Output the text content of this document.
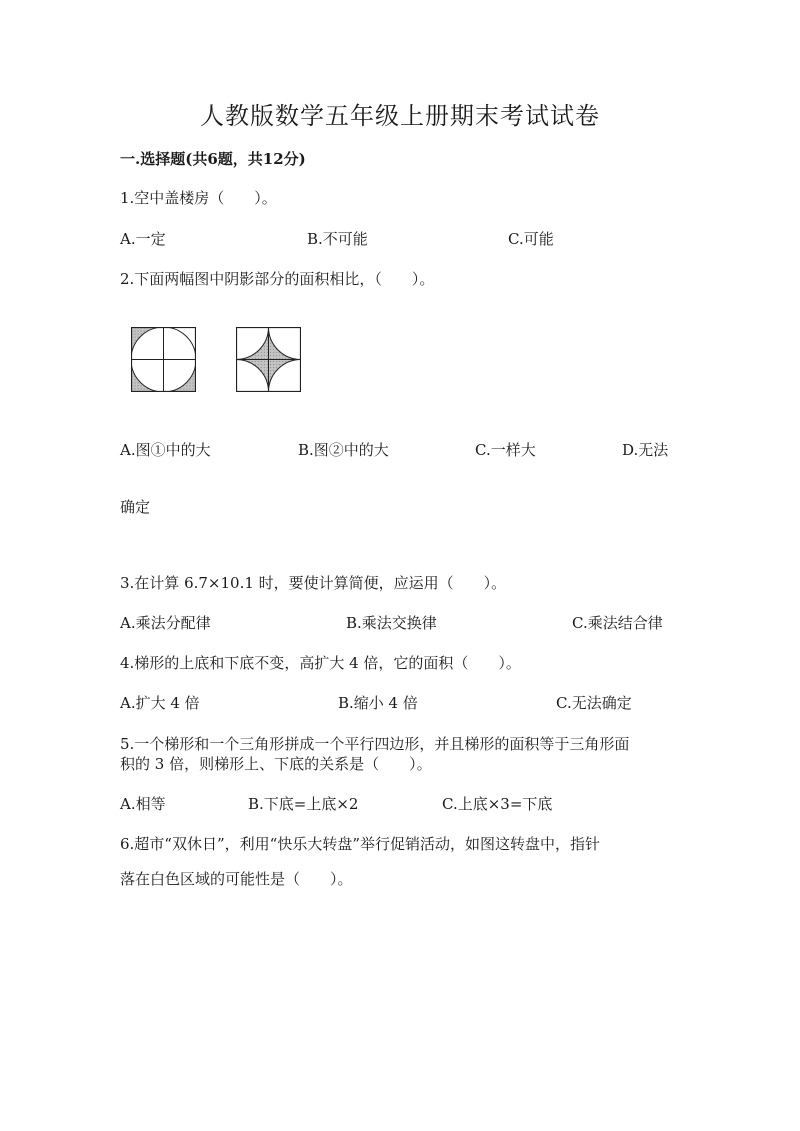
人教版数学五年级上册期末考试试卷
一.选择题(共6题，共12分)
1.空中盖楼房（　　）。
A.一定	B.不可能	C.可能
2.下面两幅图中阴影部分的面积相比，（　　）。
A.图①中的大	B.图②中的大	C.一样大	D.无法
确定
3.在计算 6.7×10.1 时，要使计算简便，应运用（　　）。
A.乘法分配律	B.乘法交换律	C.乘法结合律
4.梯形的上底和下底不变，高扩大 4 倍，它的面积（　　）。
A.扩大 4 倍	B.缩小 4 倍	C.无法确定
5.一个梯形和一个三角形拼成一个平行四边形，并且梯形的面积等于三角形面
积的 3 倍，则梯形上、下底的关系是（　　）。
A.相等	B.下底=上底×2	C.上底×3=下底
6.超市“双休日”，利用“快乐大转盘”举行促销活动，如图这转盘中，指针
落在白色区域的可能性是（　　）。
